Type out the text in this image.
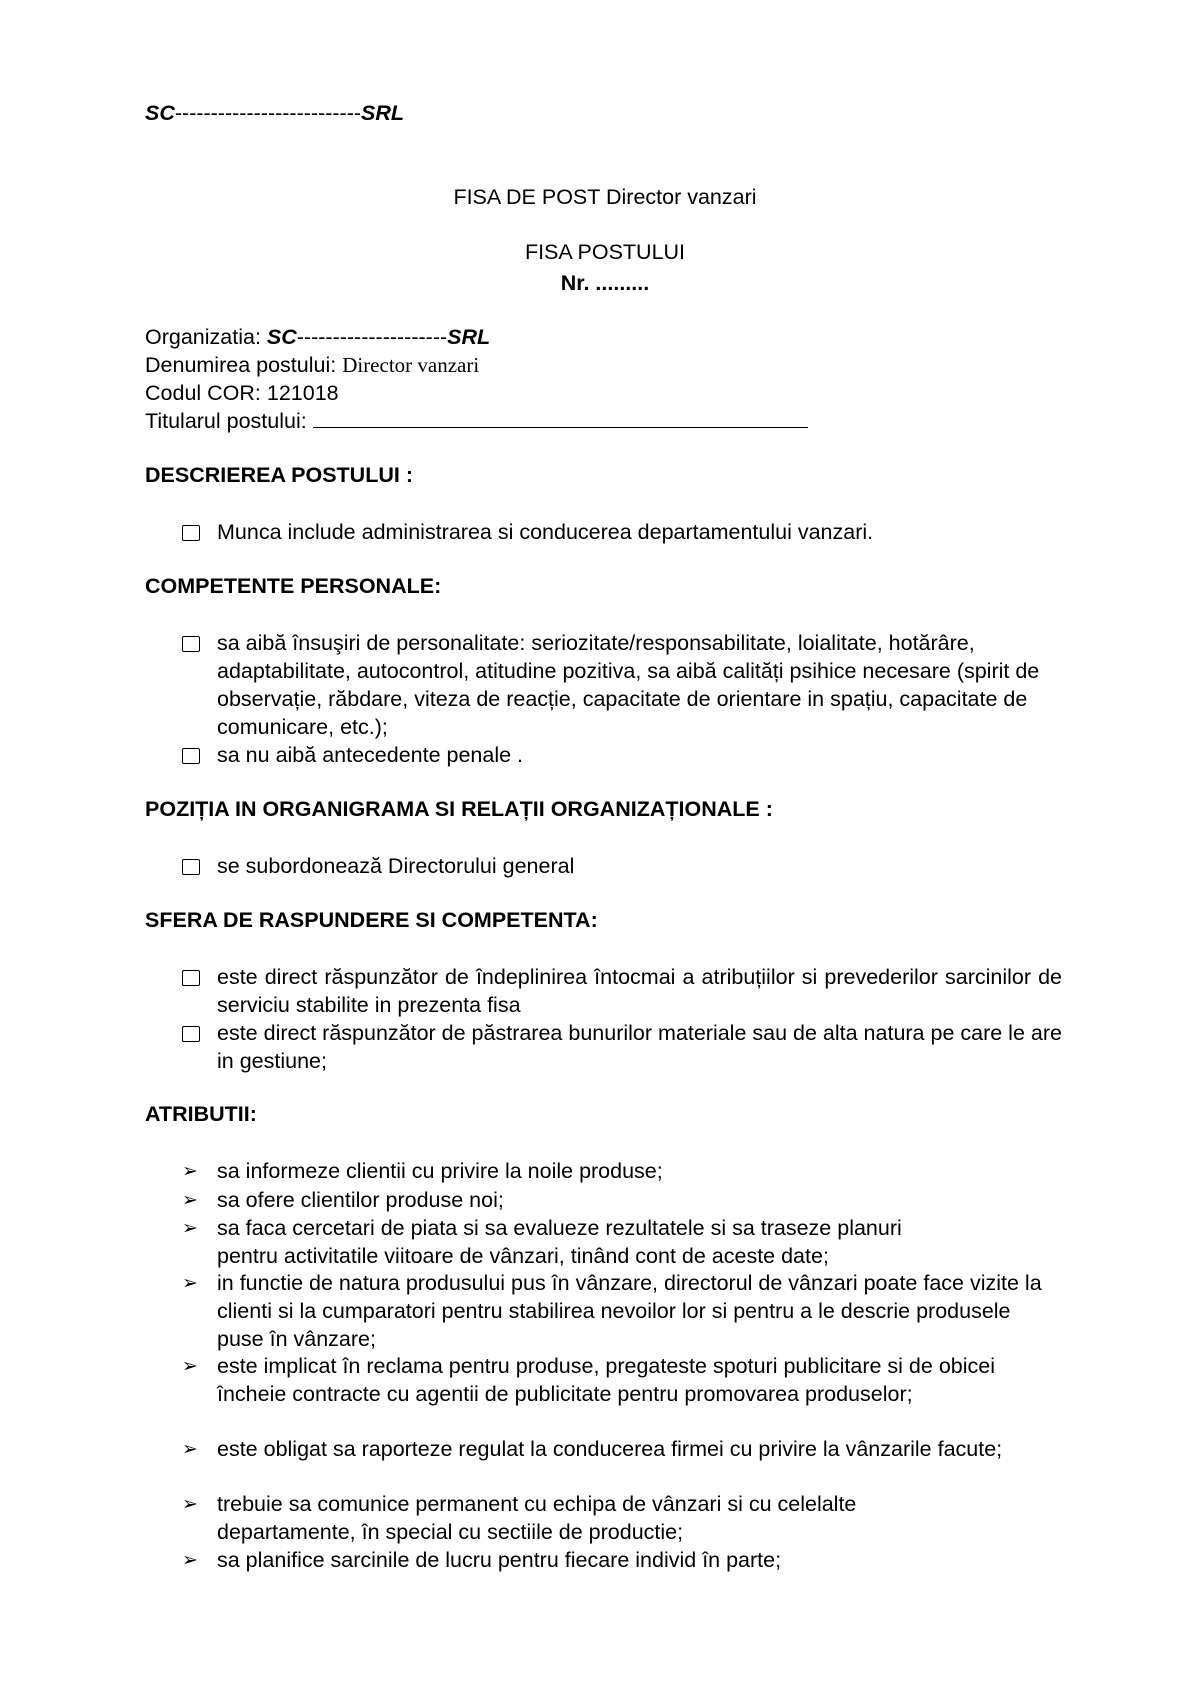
SC--------------------------SRL
FISA DE POST Director vanzari
FISA POSTULUI
Nr. .........
Organizatia: SC---------------------SRL
Denumirea postului: Director vanzari
Codul COR: 121018
Titularul postului:
DESCRIEREA POSTULUI :
Munca include administrarea si conducerea departamentului vanzari.
COMPETENTE PERSONALE:
sa aibă însuşiri de personalitate: seriozitate/responsabilitate, loialitate, hotărâre, adaptabilitate, autocontrol, atitudine pozitiva, sa aibă calități psihice necesare (spirit de observație, răbdare, viteza de reacție, capacitate de orientare in spațiu, capacitate de comunicare, etc.);
sa nu aibă antecedente penale .
POZIȚIA IN ORGANIGRAMA SI RELAȚII ORGANIZAȚIONALE :
se subordonează Directorului general
SFERA DE RASPUNDERE SI COMPETENTA:
este direct răspunzător de îndeplinirea întocmai a atribuțiilor si prevederilor sarcinilor de serviciu stabilite in prezenta fisa
este direct răspunzător de păstrarea bunurilor materiale sau de alta natura pe care le are in gestiune;
ATRIBUTII:
➢ sa informeze clientii cu privire la noile produse;
➢ sa ofere clientilor produse noi;
➢ sa faca cercetari de piata si sa evalueze rezultatele si sa traseze planuri pentru activitatile viitoare de vânzari, tinând cont de aceste date;
➢ in functie de natura produsului pus în vânzare, directorul de vânzari poate face vizite la clienti si la cumparatori pentru stabilirea nevoilor lor si pentru a le descrie produsele puse în vânzare;
➢ este implicat în reclama pentru produse, pregateste spoturi publicitare si de obicei încheie contracte cu agentii de publicitate pentru promovarea produselor;
➢ este obligat sa raporteze regulat la conducerea firmei cu privire la vânzarile facute;
➢ trebuie sa comunice permanent cu echipa de vânzari si cu celelalte departamente, în special cu sectiile de productie;
➢ sa planifice sarcinile de lucru pentru fiecare individ în parte;
